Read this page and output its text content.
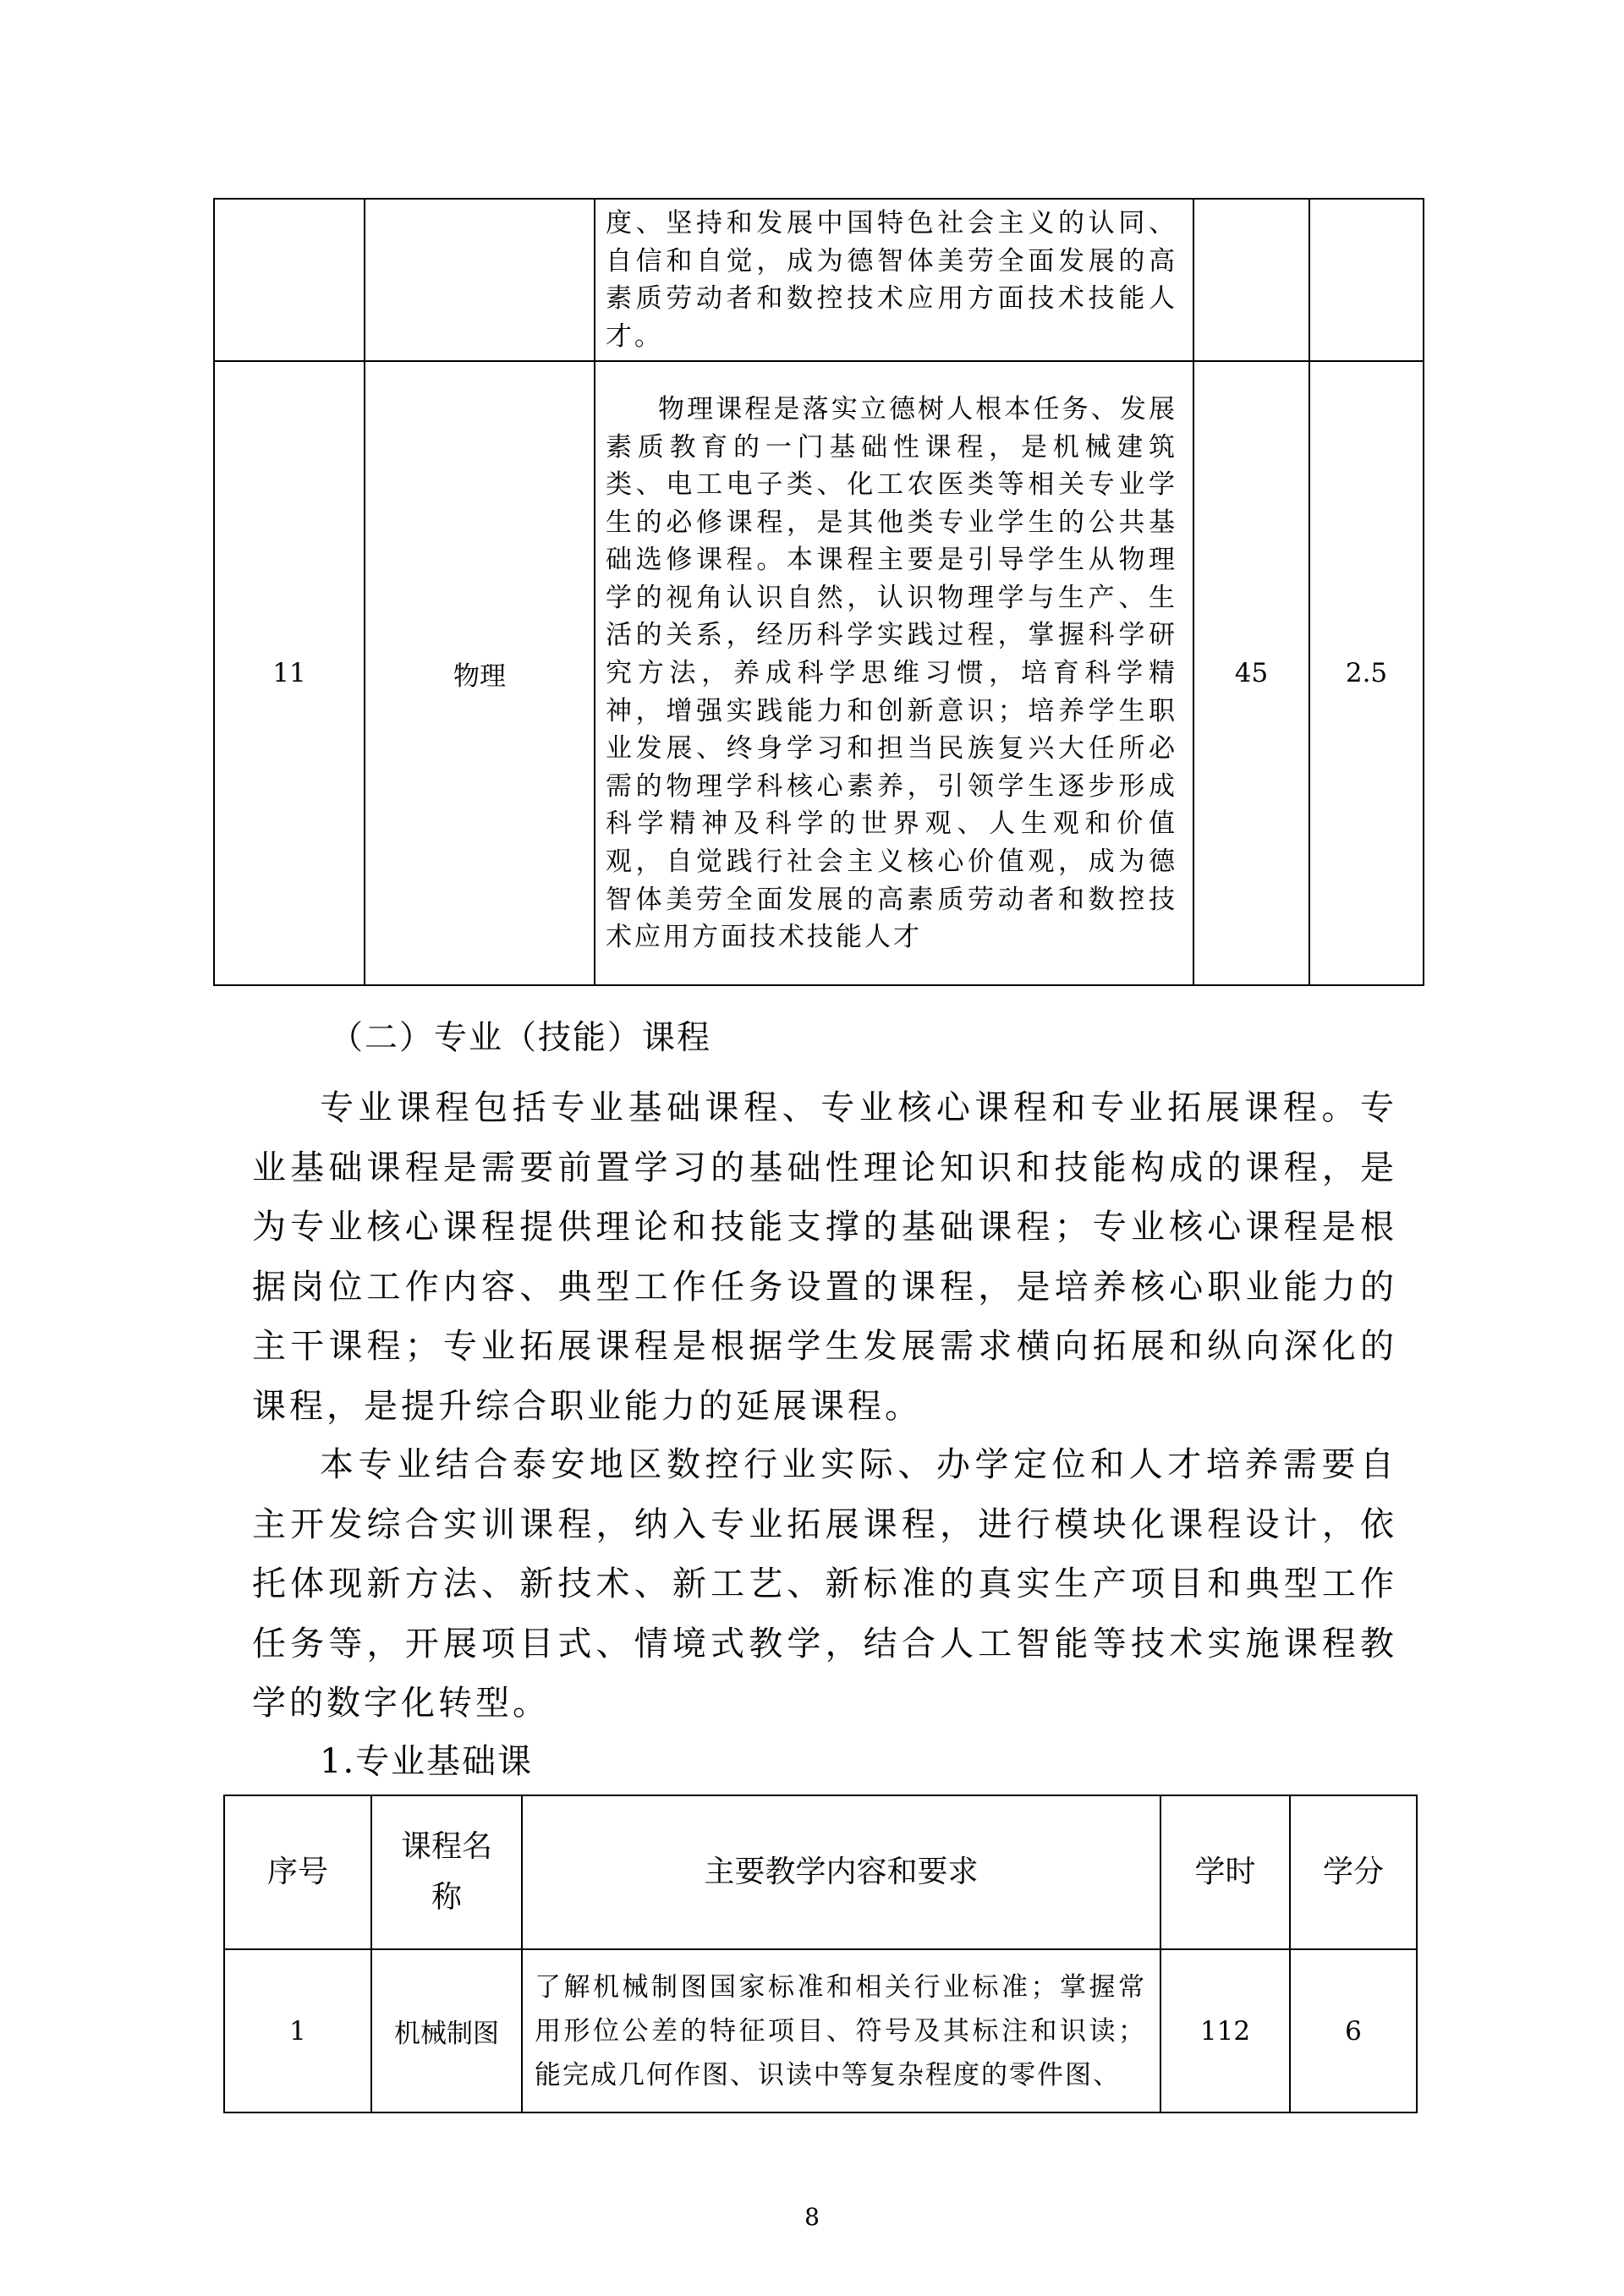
		度、坚持和发展中国特色社会主义的认同、自信和自觉，成为德智体美劳全面发展的高素质劳动者和数控技术应用方面技术技能人才。		

11	物理	物理课程是落实立德树人根本任务、发展素质教育的一门基础性课程，是机械建筑类、电工电子类、化工农医类等相关专业学生的必修课程，是其他类专业学生的公共基础选修课程。本课程主要是引导学生从物理学的视角认识自然，认识物理学与生产、生活的关系，经历科学实践过程，掌握科学研究方法，养成科学思维习惯，培育科学精神，增强实践能力和创新意识；培养学生职业发展、终身学习和担当民族复兴大任所必需的物理学科核心素养，引领学生逐步形成科学精神及科学的世界观、人生观和价值观，自觉践行社会主义核心价值观，成为德智体美劳全面发展的高素质劳动者和数控技术应用方面技术技能人才	45	2.5
（二）专业（技能）课程

专业课程包括专业基础课程、专业核心课程和专业拓展课程。专业基础课程是需要前置学习的基础性理论知识和技能构成的课程，是为专业核心课程提供理论和技能支撑的基础课程；专业核心课程是根据岗位工作内容、典型工作任务设置的课程，是培养核心职业能力的主干课程；专业拓展课程是根据学生发展需求横向拓展和纵向深化的课程，是提升综合职业能力的延展课程。

本专业结合泰安地区数控行业实际、办学定位和人才培养需要自主开发综合实训课程，纳入专业拓展课程，进行模块化课程设计，依托体现新方法、新技术、新工艺、新标准的真实生产项目和典型工作任务等，开展项目式、情境式教学，结合人工智能等技术实施课程教学的数字化转型。

1.专业基础课
序号	课程名称	主要教学内容和要求	学时	学分
1	机械制图	了解机械制图国家标准和相关行业标准；掌握常用形位公差的特征项目、符号及其标注和识读；能完成几何作图、识读中等复杂程度的零件图、	112	6
8
